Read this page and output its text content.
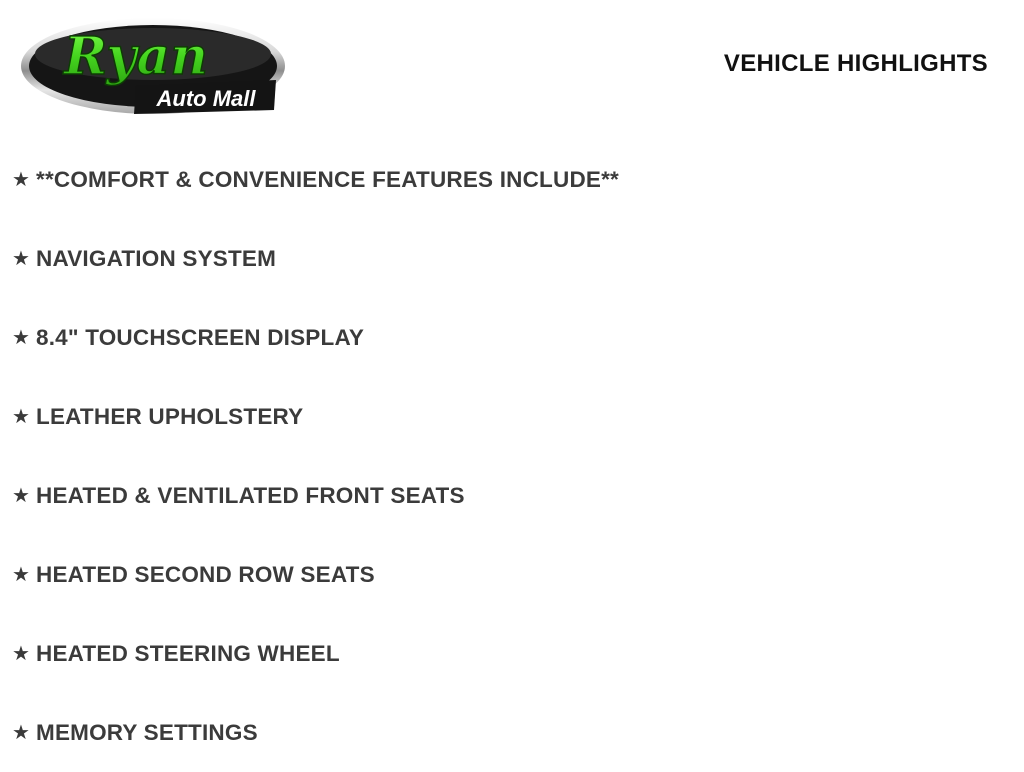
Ryan
Auto Mall
VEHICLE HIGHLIGHTS
★ **COMFORT & CONVENIENCE FEATURES INCLUDE**
★ NAVIGATION SYSTEM
★ 8.4" TOUCHSCREEN DISPLAY
★ LEATHER UPHOLSTERY
★ HEATED & VENTILATED FRONT SEATS
★ HEATED SECOND ROW SEATS
★ HEATED STEERING WHEEL
★ MEMORY SETTINGS
